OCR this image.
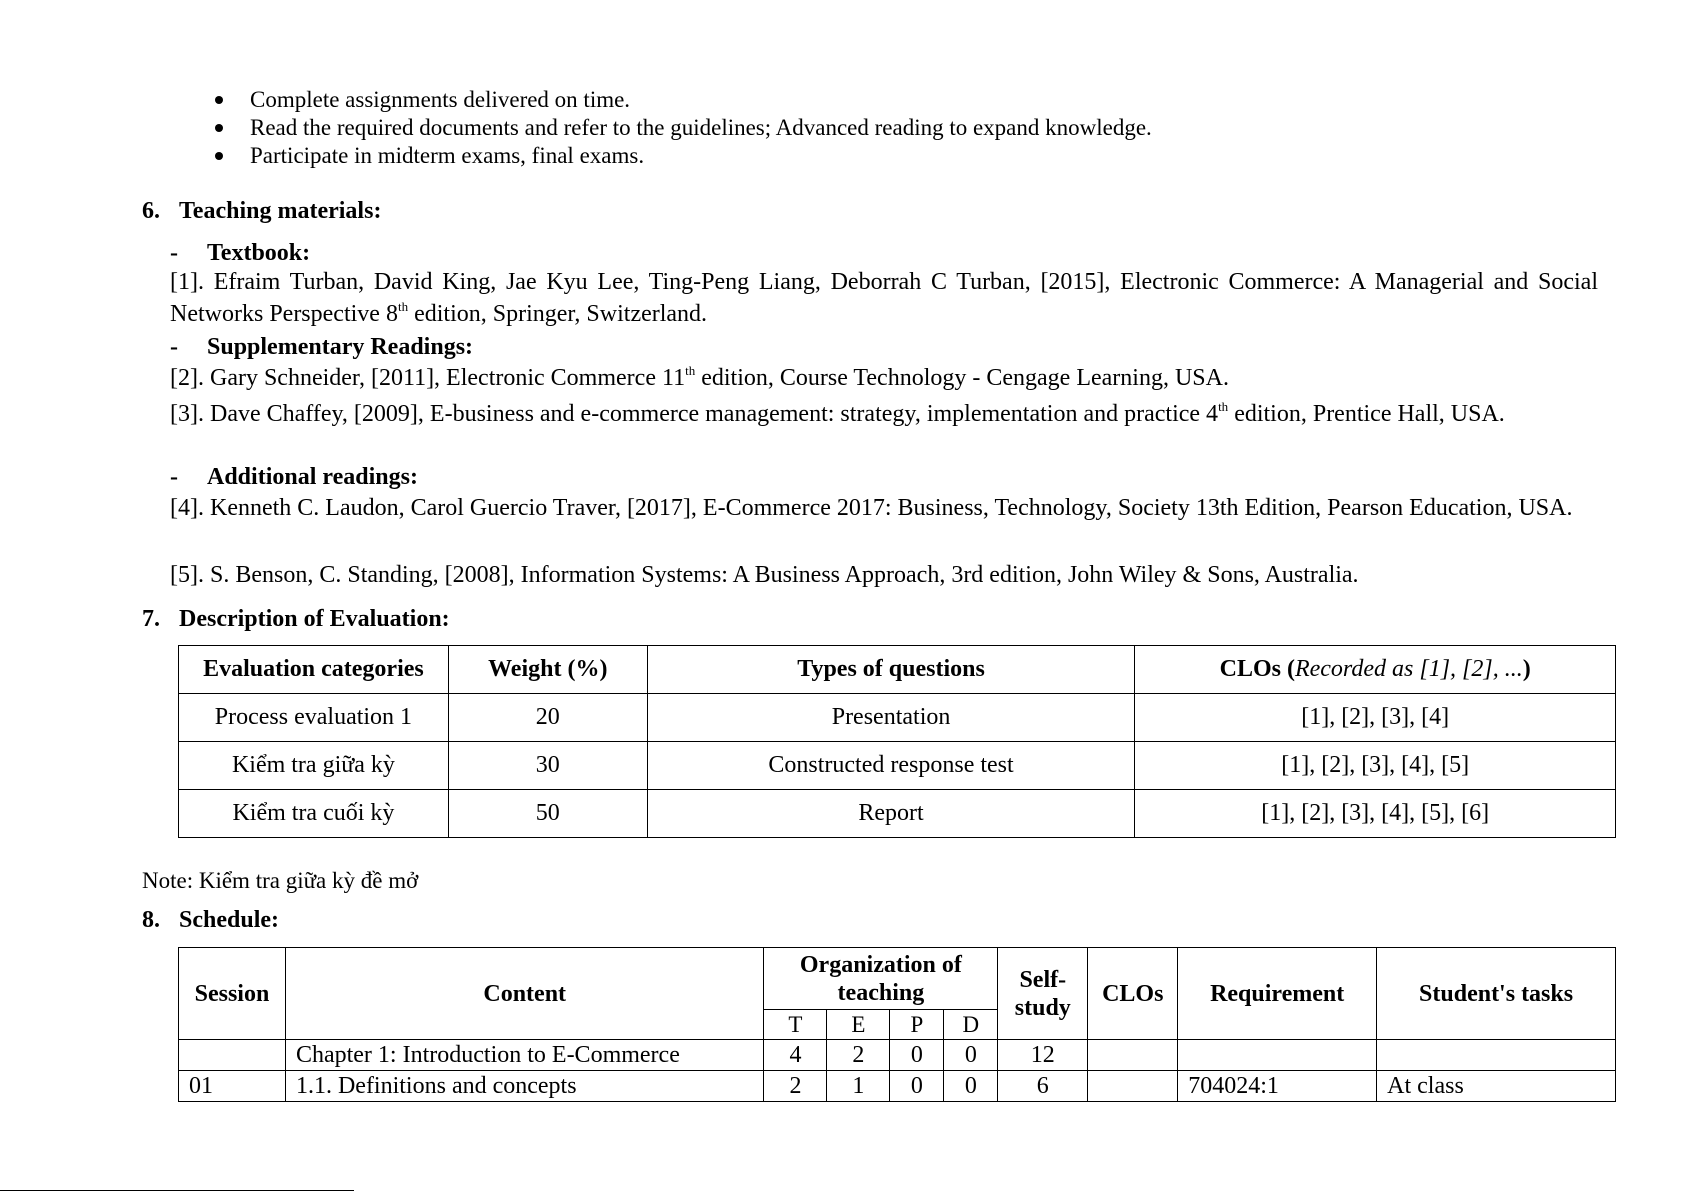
Complete assignments delivered on time.
Read the required documents and refer to the guidelines; Advanced reading to expand knowledge.
Participate in midterm exams, final exams.
6. Teaching materials:
- Textbook:
[1]. Efraim Turban, David King, Jae Kyu Lee, Ting-Peng Liang, Deborrah C Turban, [2015], Electronic Commerce: A Managerial and Social Networks Perspective 8th edition, Springer, Switzerland.
- Supplementary Readings:
[2]. Gary Schneider, [2011], Electronic Commerce 11th edition, Course Technology - Cengage Learning, USA.
[3]. Dave Chaffey, [2009], E-business and e-commerce management: strategy, implementation and practice 4th edition, Prentice Hall, USA.
- Additional readings:
[4]. Kenneth C. Laudon, Carol Guercio Traver, [2017], E-Commerce 2017: Business, Technology, Society 13th Edition, Pearson Education, USA.
[5]. S. Benson, C. Standing, [2008], Information Systems: A Business Approach, 3rd edition, John Wiley & Sons, Australia.
7. Description of Evaluation:
Evaluation categories	Weight (%)	Types of questions	CLOs (Recorded as [1], [2], ...)
Process evaluation 1	20	Presentation	[1], [2], [3], [4]
Kiểm tra giữa kỳ	30	Constructed response test	[1], [2], [3], [4], [5]
Kiểm tra cuối kỳ	50	Report	[1], [2], [3], [4], [5], [6]
Note: Kiểm tra giữa kỳ đề mở
8. Schedule:
Session	Content	Organization of teaching				Self-study	CLOs	Requirement	Student's tasks
		T	E	P	D				
	Chapter 1: Introduction to E-Commerce	4	2	0	0	12			
01	1.1. Definitions and concepts	2	1	0	0	6		704024:1	At class
